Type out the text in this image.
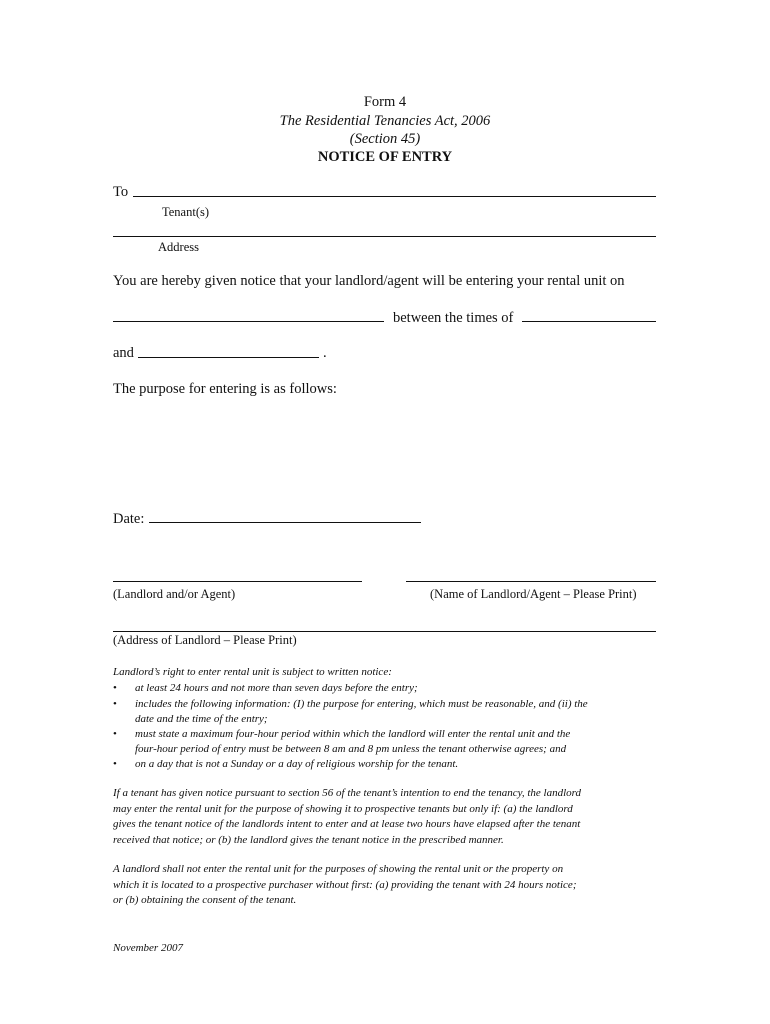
Form 4
The Residential Tenancies Act, 2006
(Section 45)
NOTICE OF ENTRY
To
Tenant(s)
Address
You are hereby given notice that your landlord/agent will be entering your rental unit on
between the times of
and	.
The purpose for entering is as follows:
Date:
(Landlord and/or Agent)	(Name of Landlord/Agent – Please Print)
(Address of Landlord – Please Print)
Landlord’s right to enter rental unit is subject to written notice:
• at least 24 hours and not more than seven days before the entry;
• includes the following information: (I) the purpose for entering, which must be reasonable, and (ii) the
date and the time of the entry;
• must state a maximum four-hour period within which the landlord will enter the rental unit and the
four-hour period of entry must be between 8 am and 8 pm unless the tenant otherwise agrees; and
• on a day that is not a Sunday or a day of religious worship for the tenant.
If a tenant has given notice pursuant to section 56 of the tenant’s intention to end the tenancy, the landlord
may enter the rental unit for the purpose of showing it to prospective tenants but only if: (a) the landlord
gives the tenant notice of the landlords intent to enter and at lease two hours have elapsed after the tenant
received that notice; or (b) the landlord gives the tenant notice in the prescribed manner.
A landlord shall not enter the rental unit for the purposes of showing the rental unit or the property on
which it is located to a prospective purchaser without first: (a) providing the tenant with 24 hours notice;
or (b) obtaining the consent of the tenant.
November 2007
